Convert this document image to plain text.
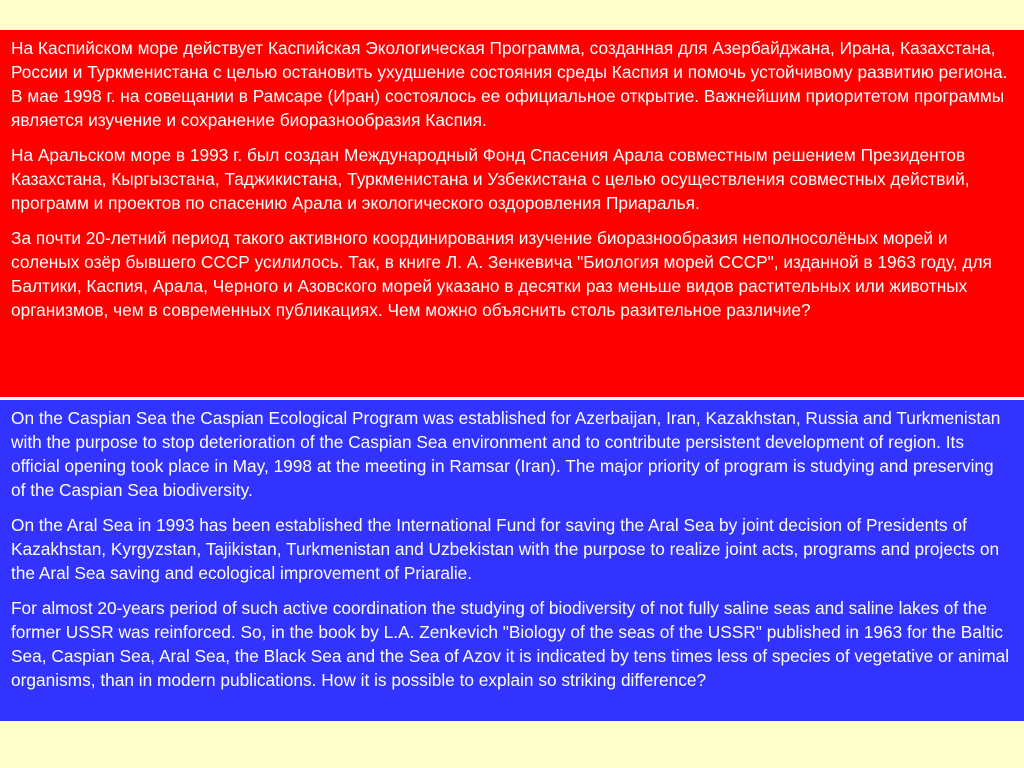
На Каспийском море действует Каспийская Экологическая Программа, созданная для Азербайджана, Ирана, Казахстана, России и Туркменистана с целью остановить ухудшение состояния среды Каспия и помочь устойчивому развитию региона. В мае 1998 г. на совещании в Рамсаре (Иран) состоялось ее официальное открытие. Важнейшим приоритетом программы является изучение и сохранение биоразнообразия Каспия.

На Аральском море в 1993 г. был создан Международный Фонд Спасения Арала совместным решением Президентов Казахстана, Кыргызстана, Таджикистана, Туркменистана и Узбекистана с целью осуществления совместных действий, программ и проектов по спасению Арала и экологического оздоровления Приаралья.

За почти 20-летний период такого активного координирования изучение биоразнообразия неполносолёных морей и соленых озёр бывшего СССР усилилось. Так, в книге Л. А. Зенкевича "Биология морей СССР", изданной в 1963 году, для Балтики, Каспия, Арала, Черного и Азовского морей указано в десятки раз меньше видов растительных или животных организмов, чем в современных публикациях. Чем можно объяснить столь разительное различие?

On the Caspian Sea the Caspian Ecological Program was established for Azerbaijan, Iran, Kazakhstan, Russia and Turkmenistan with the purpose to stop deterioration of the Caspian Sea environment and to contribute persistent development of region. Its official opening took place in May, 1998 at the meeting in Ramsar (Iran). The major priority of program is studying and preserving of the Caspian Sea biodiversity.

On the Aral Sea in 1993 has been established the International Fund for saving the Aral Sea by joint decision of Presidents of Kazakhstan, Kyrgyzstan, Tajikistan, Turkmenistan and Uzbekistan with the purpose to realize joint acts, programs and projects on the Aral Sea saving and ecological improvement of Priaralie.

For almost 20-years period of such active coordination the studying of biodiversity of not fully saline seas and saline lakes of the former USSR was reinforced. So, in the book by L.A. Zenkevich "Biology of the seas of the USSR" published in 1963 for the Baltic Sea, Caspian Sea, Aral Sea, the Black Sea and the Sea of Azov it is indicated by tens times less of species of vegetative or animal organisms, than in modern publications. How it is possible to explain so striking difference?
